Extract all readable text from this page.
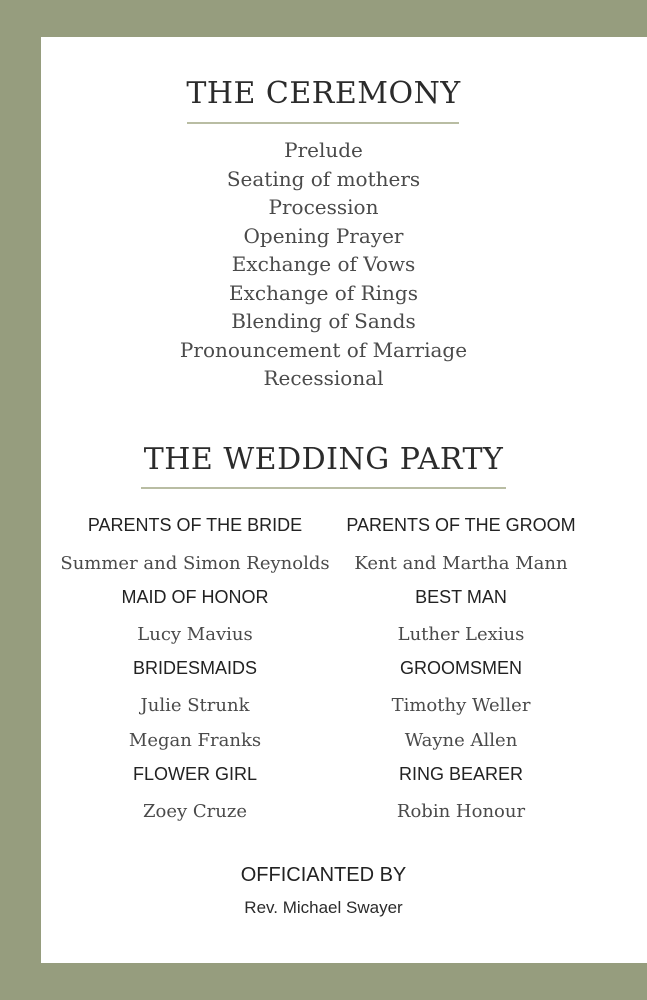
THE CEREMONY
Prelude
Seating of mothers
Procession
Opening Prayer
Exchange of Vows
Exchange of Rings
Blending of Sands
Pronouncement of Marriage
Recessional
THE WEDDING PARTY
PARENTS OF THE BRIDE
Summer and Simon Reynolds
MAID OF HONOR
Lucy Mavius
BRIDESMAIDS
Julie Strunk
Megan Franks
FLOWER GIRL
Zoey Cruze
PARENTS OF THE GROOM
Kent and Martha Mann
BEST MAN
Luther Lexius
GROOMSMEN
Timothy Weller
Wayne Allen
RING BEARER
Robin Honour
OFFICIANTED BY
Rev. Michael Swayer
